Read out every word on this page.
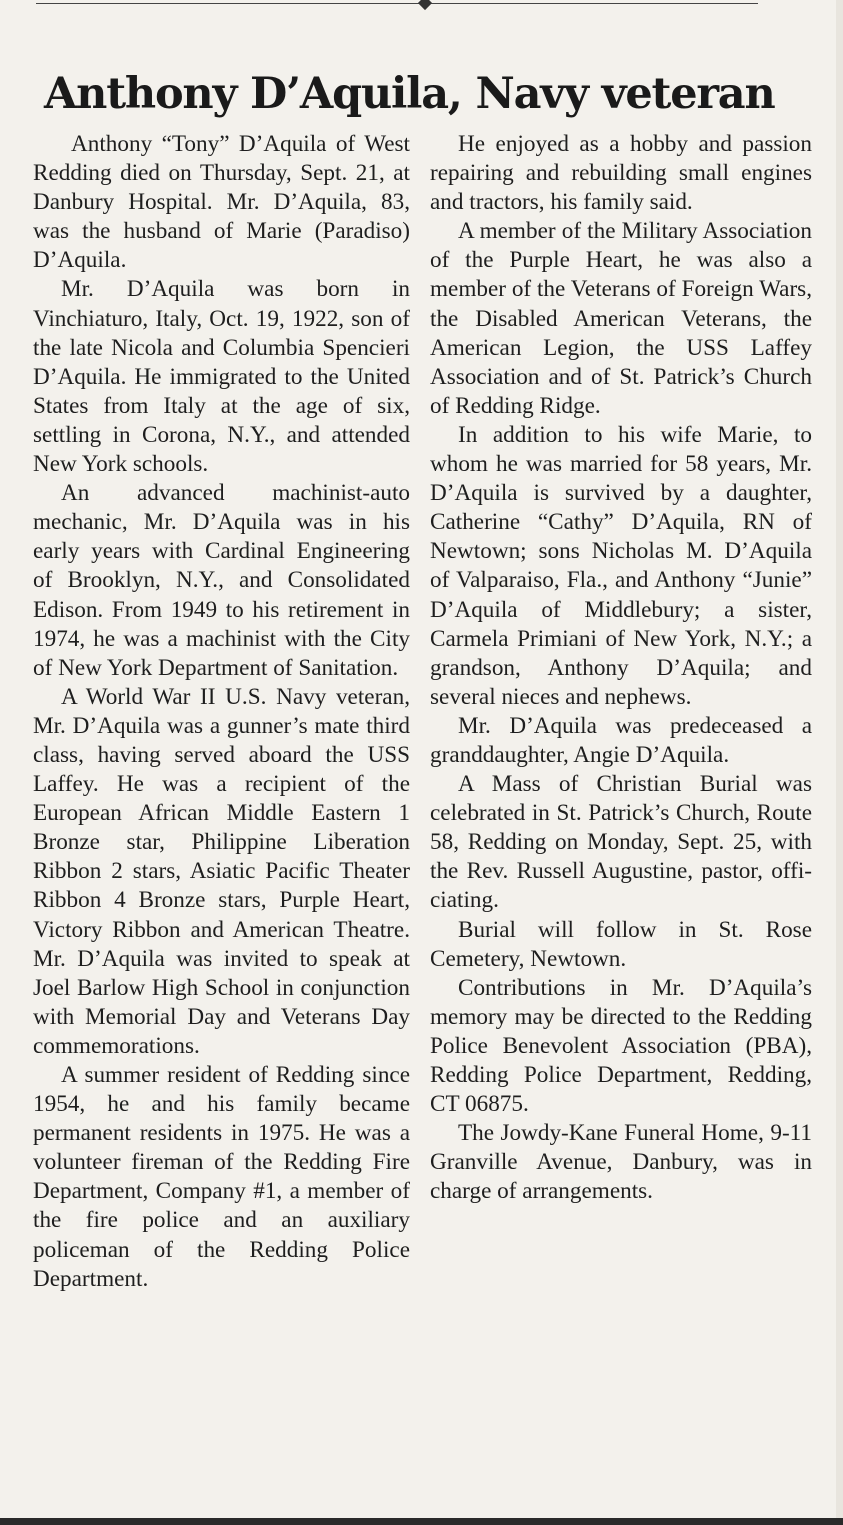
Anthony D’Aquila, Navy veteran

Anthony “Tony” D’Aquila of West Redding died on Thursday, Sept. 21, at Danbury Hospital. Mr. D’Aquila, 83, was the husband of Marie (Paradiso) D’Aquila.

Mr. D’Aquila was born in Vinchiaturo, Italy, Oct. 19, 1922, son of the late Nicola and Columbia Spencieri D’Aquila. He immigrated to the United States from Italy at the age of six, settling in Corona, N.Y., and attended New York schools.

An advanced machinist-auto mechanic, Mr. D’Aquila was in his early years with Cardinal Engineering of Brooklyn, N.Y., and Consolidated Edison. From 1949 to his retirement in 1974, he was a machinist with the City of New York Department of Sanitation.

A World War II U.S. Navy veteran, Mr. D’Aquila was a gunner’s mate third class, having served aboard the USS Laffey. He was a recipient of the European African Middle Eastern 1 Bronze star, Philippine Liberation Ribbon 2 stars, Asiatic Pacific Theater Ribbon 4 Bronze stars, Purple Heart, Victory Ribbon and American Theatre. Mr. D’Aquila was invited to speak at Joel Barlow High School in conjunction with Memorial Day and Veterans Day commemorations.

A summer resident of Redding since 1954, he and his family became permanent residents in 1975. He was a volunteer fireman of the Redding Fire Department, Company #1, a member of the fire police and an auxiliary policeman of the Redding Police Department.

He enjoyed as a hobby and passion repairing and rebuilding small engines and tractors, his family said.

A member of the Military Association of the Purple Heart, he was also a member of the Veterans of Foreign Wars, the Disabled American Veterans, the American Legion, the USS Laffey Association and of St. Patrick’s Church of Redding Ridge.

In addition to his wife Marie, to whom he was married for 58 years, Mr. D’Aquila is survived by a daughter, Catherine “Cathy” D’Aquila, RN of Newtown; sons Nicholas M. D’Aquila of Valparaiso, Fla., and Anthony “Junie” D’Aquila of Middlebury; a sister, Carmela Primiani of New York, N.Y.; a grandson, Anthony D’Aquila; and several nieces and nephews.

Mr. D’Aquila was predeceased a granddaughter, Angie D’Aquila.

A Mass of Christian Burial was celebrated in St. Patrick’s Church, Route 58, Redding on Monday, Sept. 25, with the Rev. Russell Augustine, pastor, officiating.

Burial will follow in St. Rose Cemetery, Newtown.

Contributions in Mr. D’Aquila’s memory may be directed to the Redding Police Benevolent Association (PBA), Redding Police Department, Redding, CT 06875.

The Jowdy-Kane Funeral Home, 9-11 Granville Avenue, Danbury, was in charge of arrangements.
